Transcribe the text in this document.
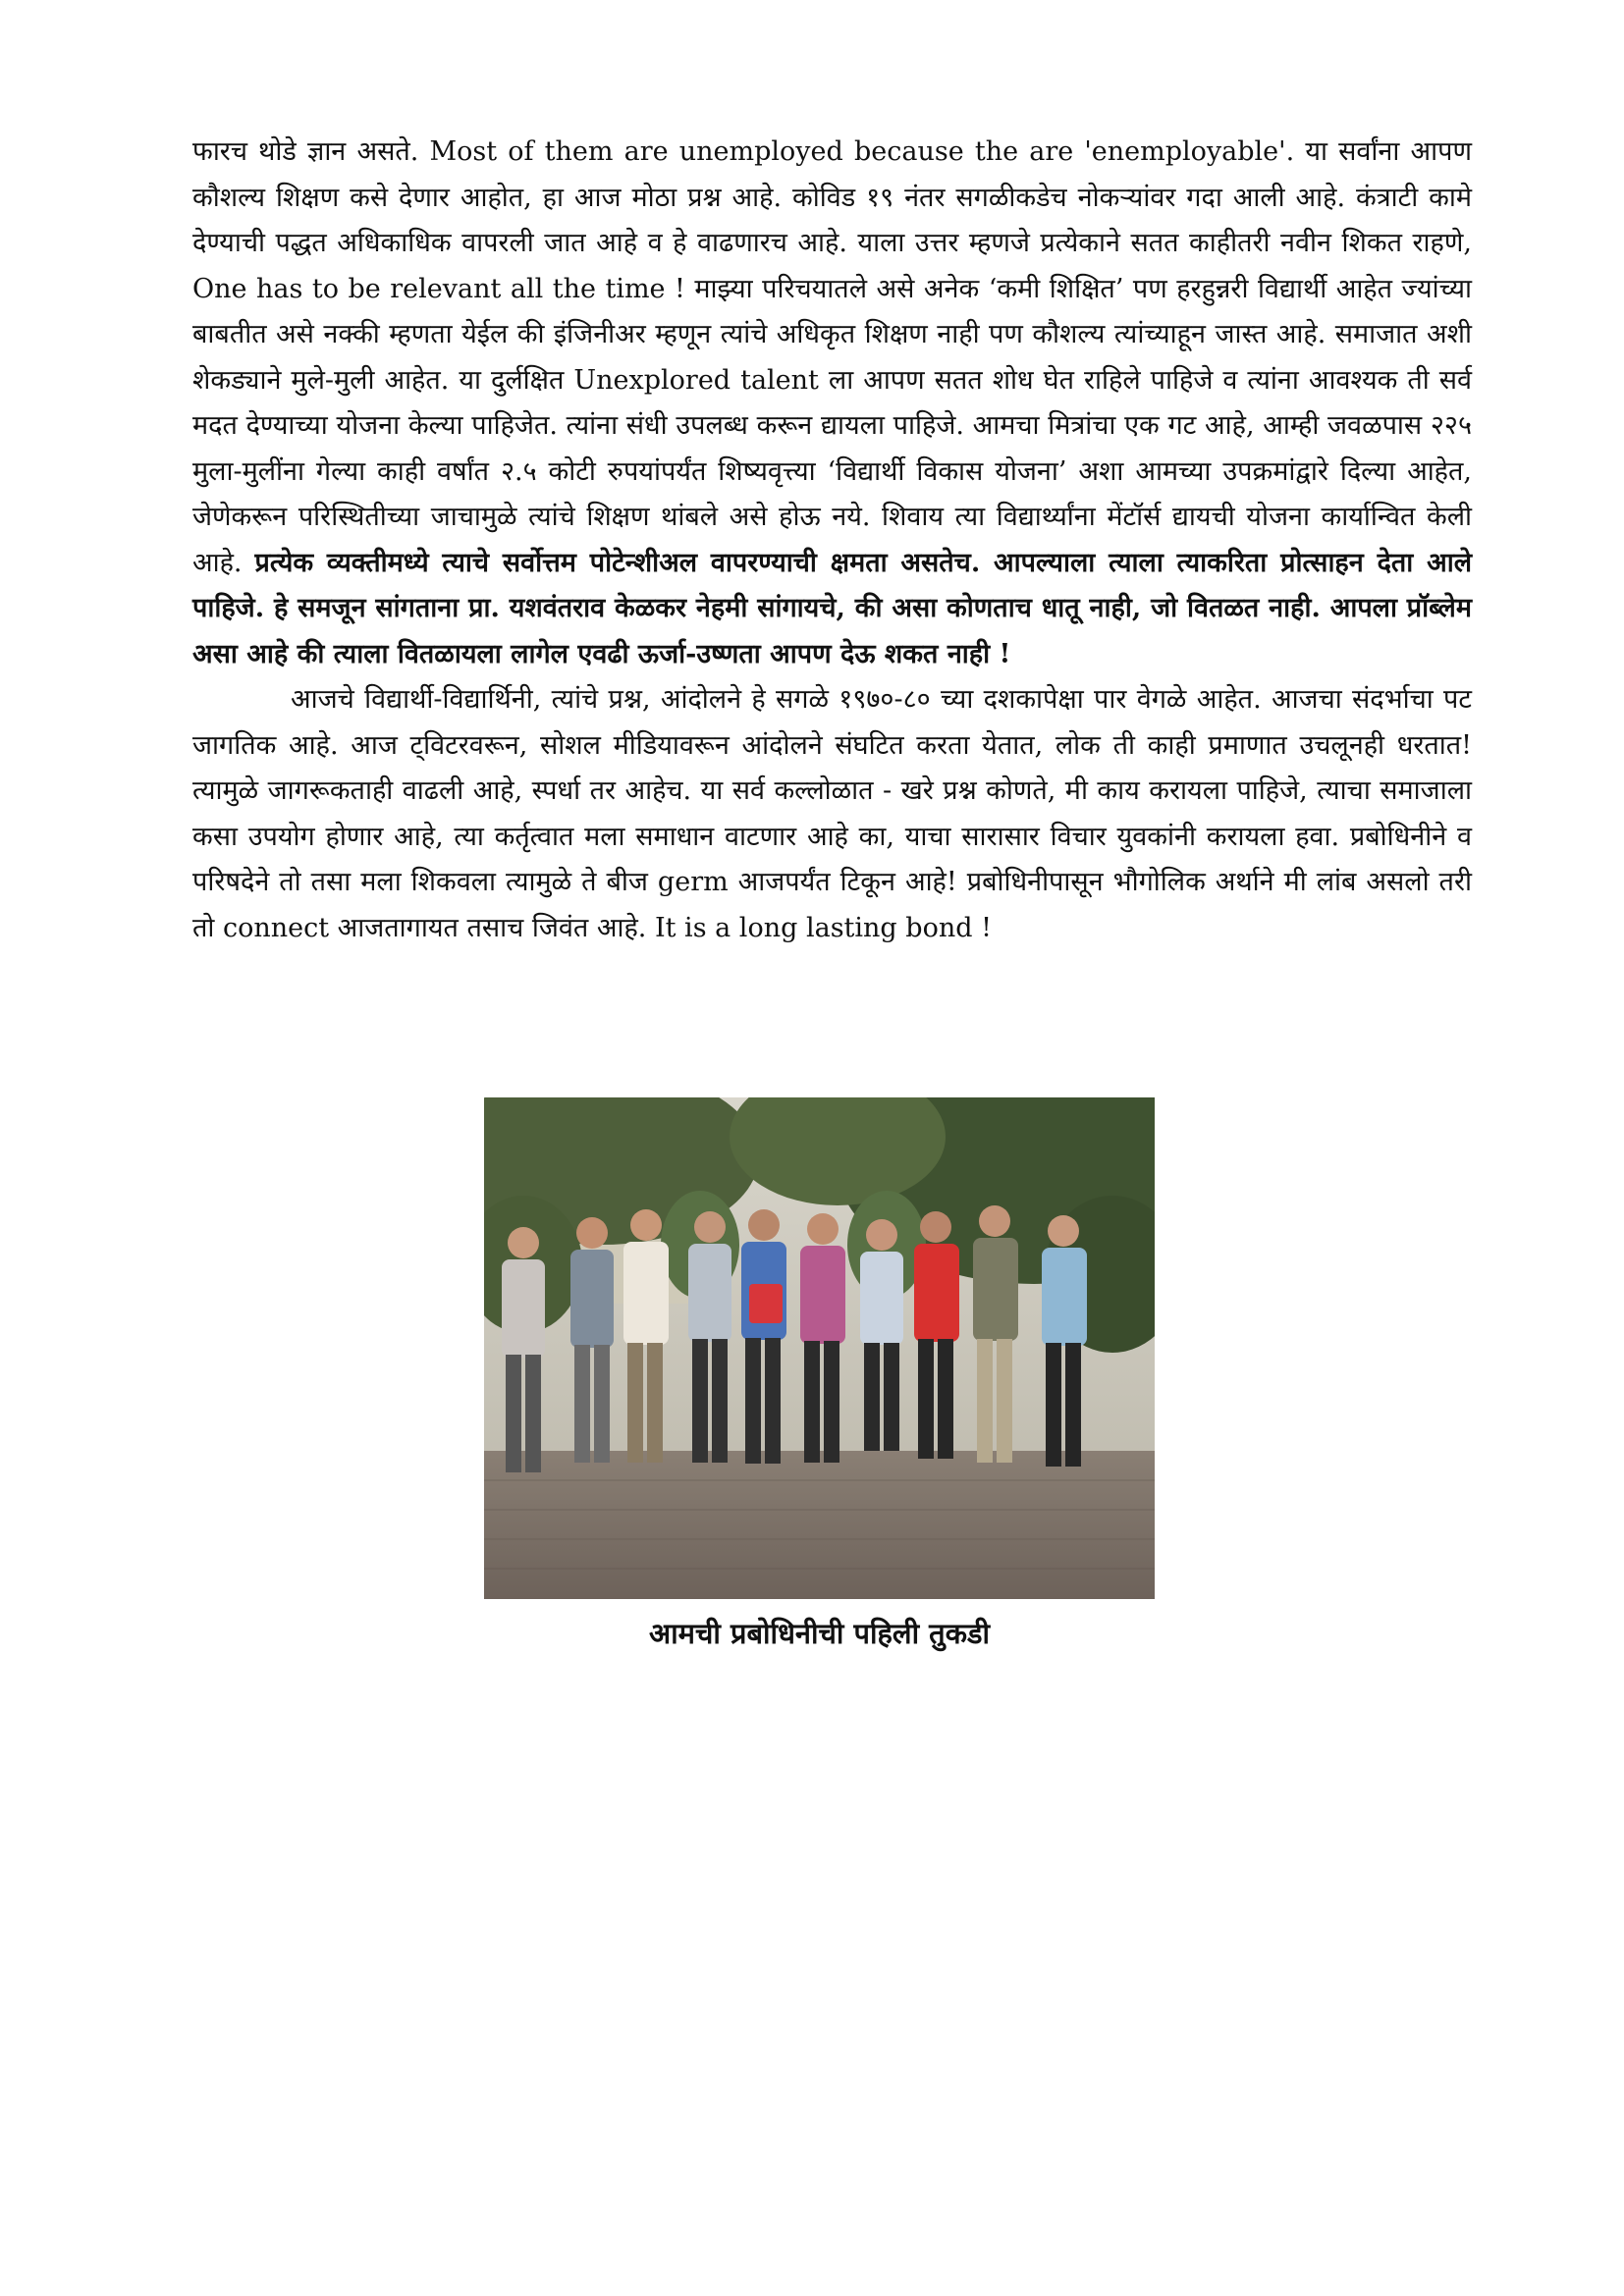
फारच थोडे ज्ञान असते. Most of them are unemployed because the are 'enemployable'. या सर्वांना आपण कौशल्य शिक्षण कसे देणार आहोत, हा आज मोठा प्रश्न आहे. कोविड १९ नंतर सगळीकडेच नोकऱ्यांवर गदा आली आहे. कंत्राटी कामे देण्याची पद्धत अधिकाधिक वापरली जात आहे व हे वाढणारच आहे. याला उत्तर म्हणजे प्रत्येकाने सतत काहीतरी नवीन शिकत राहणे, One has to be relevant all the time ! माझ्या परिचयातले असे अनेक ‘कमी शिक्षित’ पण हरहुन्नरी विद्यार्थी आहेत ज्यांच्या बाबतीत असे नक्की म्हणता येईल की इंजिनीअर म्हणून त्यांचे अधिकृत शिक्षण नाही पण कौशल्य त्यांच्याहून जास्त आहे. समाजात अशी शेकड्याने मुले-मुली आहेत. या दुर्लक्षित Unexplored talent ला आपण सतत शोध घेत राहिले पाहिजे व त्यांना आवश्यक ती सर्व मदत देण्याच्या योजना केल्या पाहिजेत. त्यांना संधी उपलब्ध करून द्यायला पाहिजे. आमचा मित्रांचा एक गट आहे, आम्ही जवळपास २२५ मुला-मुलींना गेल्या काही वर्षांत २.५ कोटी रुपयांपर्यंत शिष्यवृत्त्या ‘विद्यार्थी विकास योजना’ अशा आमच्या उपक्रमांद्वारे दिल्या आहेत, जेणेकरून परिस्थितीच्या जाचामुळे त्यांचे शिक्षण थांबले असे होऊ नये. शिवाय त्या विद्यार्थ्यांना मेंटॉर्स द्यायची योजना कार्यान्वित केली आहे. प्रत्येक व्यक्तीमध्ये त्याचे सर्वोत्तम पोटेन्शीअल वापरण्याची क्षमता असतेच. आपल्याला त्याला त्याकरिता प्रोत्साहन देता आले पाहिजे. हे समजून सांगताना प्रा. यशवंतराव केळकर नेहमी सांगायचे, की असा कोणताच धातू नाही, जो वितळत नाही. आपला प्रॉब्लेम असा आहे की त्याला वितळायला लागेल एवढी ऊर्जा-उष्णता आपण देऊ शकत नाही !

आजचे विद्यार्थी-विद्यार्थिनी, त्यांचे प्रश्न, आंदोलने हे सगळे १९७०-८० च्या दशकापेक्षा पार वेगळे आहेत. आजचा संदर्भाचा पट जागतिक आहे. आज ट्विटरवरून, सोशल मीडियावरून आंदोलने संघटित करता येतात, लोक ती काही प्रमाणात उचलूनही धरतात! त्यामुळे जागरूकताही वाढली आहे, स्पर्धा तर आहेच. या सर्व कल्लोळात - खरे प्रश्न कोणते, मी काय करायला पाहिजे, त्याचा समाजाला कसा उपयोग होणार आहे, त्या कर्तृत्वात मला समाधान वाटणार आहे का, याचा सारासार विचार युवकांनी करायला हवा. प्रबोधिनीने व परिषदेने तो तसा मला शिकवला त्यामुळे ते बीज germ आजपर्यंत टिकून आहे! प्रबोधिनीपासून भौगोलिक अर्थाने मी लांब असलो तरी तो connect आजतागायत तसाच जिवंत आहे. It is a long lasting bond !

आमची प्रबोधिनीची पहिली तुकडी
